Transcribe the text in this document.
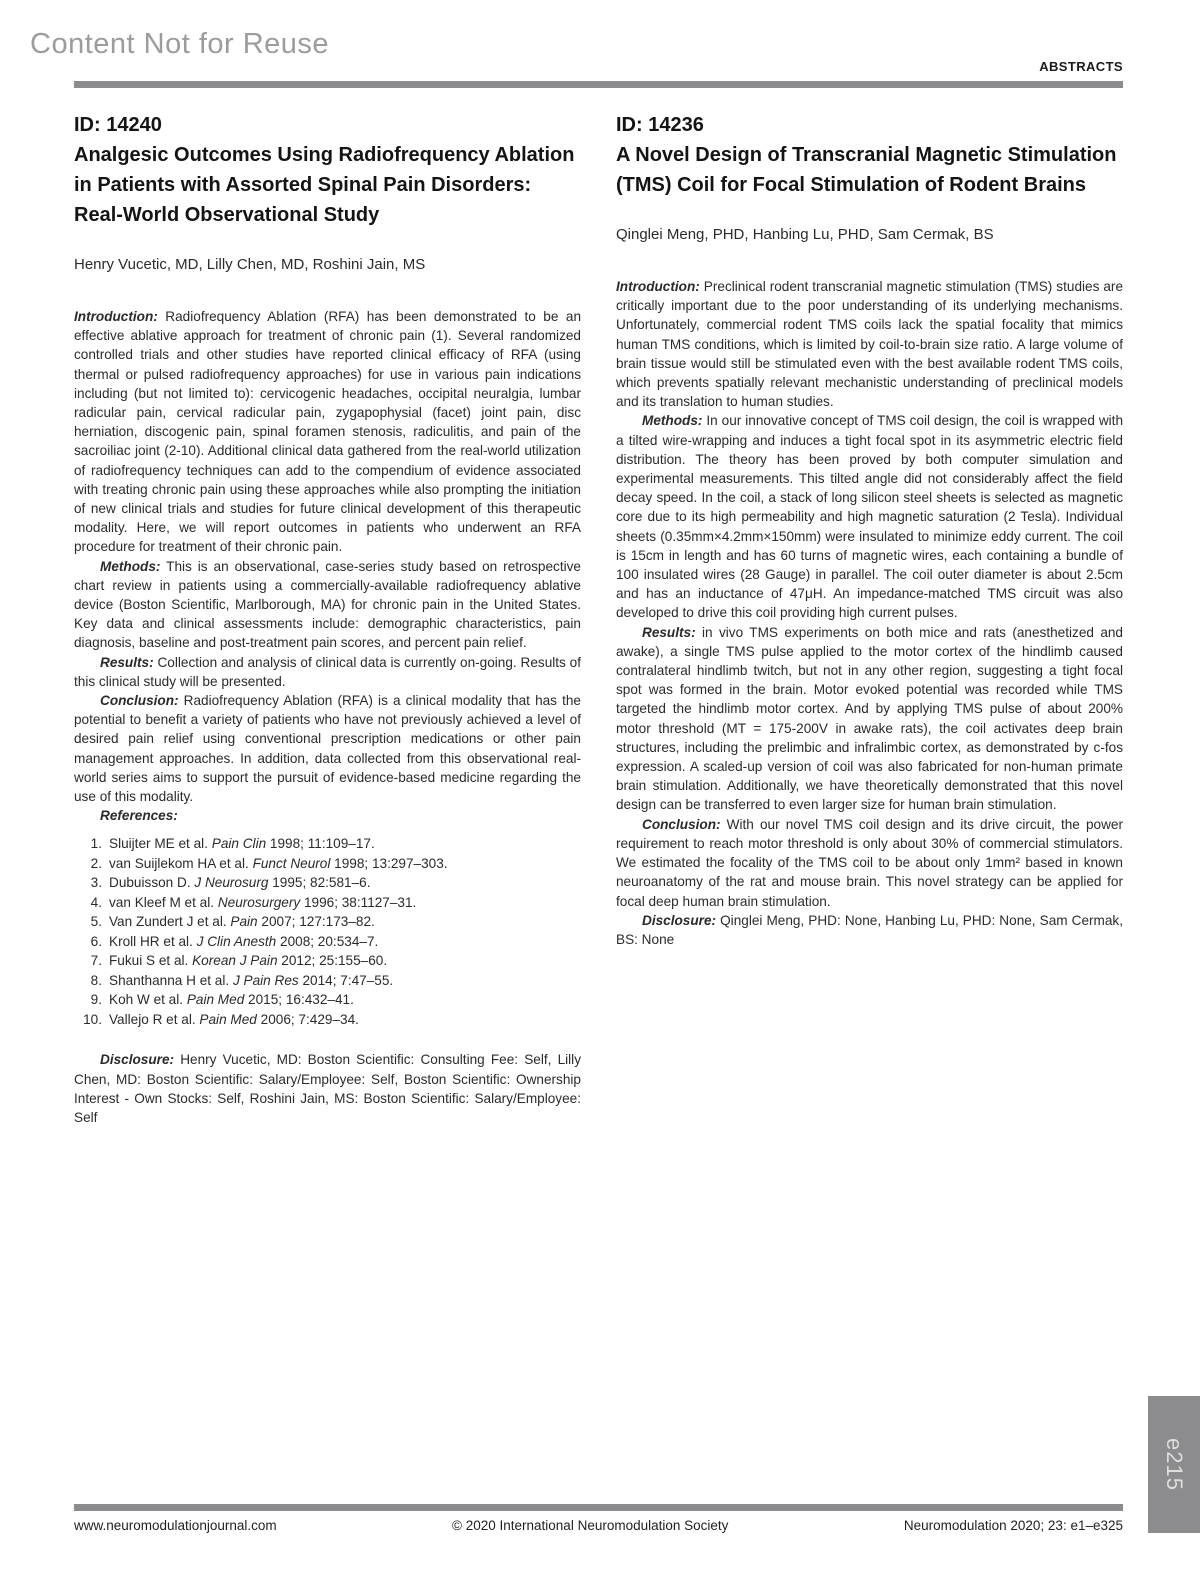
Content Not for Reuse
ABSTRACTS
ID: 14240
Analgesic Outcomes Using Radiofrequency Ablation in Patients with Assorted Spinal Pain Disorders: Real-World Observational Study
Henry Vucetic, MD, Lilly Chen, MD, Roshini Jain, MS

Introduction: Radiofrequency Ablation (RFA) has been demonstrated to be an effective ablative approach for treatment of chronic pain (1). Several randomized controlled trials and other studies have reported clinical efficacy of RFA (using thermal or pulsed radiofrequency approaches) for use in various pain indications including (but not limited to): cervicogenic headaches, occipital neuralgia, lumbar radicular pain, cervical radicular pain, zygapophysial (facet) joint pain, disc herniation, discogenic pain, spinal foramen stenosis, radiculitis, and pain of the sacroiliac joint (2-10). Additional clinical data gathered from the real-world utilization of radiofrequency techniques can add to the compendium of evidence associated with treating chronic pain using these approaches while also prompting the initiation of new clinical trials and studies for future clinical development of this therapeutic modality. Here, we will report outcomes in patients who underwent an RFA procedure for treatment of their chronic pain.

Methods: This is an observational, case-series study based on retrospective chart review in patients using a commercially-available radiofrequency ablative device (Boston Scientific, Marlborough, MA) for chronic pain in the United States. Key data and clinical assessments include: demographic characteristics, pain diagnosis, baseline and post-treatment pain scores, and percent pain relief.

Results: Collection and analysis of clinical data is currently on-going. Results of this clinical study will be presented.

Conclusion: Radiofrequency Ablation (RFA) is a clinical modality that has the potential to benefit a variety of patients who have not previously achieved a level of desired pain relief using conventional prescription medications or other pain management approaches. In addition, data collected from this observational real-world series aims to support the pursuit of evidence-based medicine regarding the use of this modality.

References:

1. Sluijter ME et al. Pain Clin 1998; 11:109–17.
2. van Suijlekom HA et al. Funct Neurol 1998; 13:297–303.
3. Dubuisson D. J Neurosurg 1995; 82:581–6.
4. van Kleef M et al. Neurosurgery 1996; 38:1127–31.
5. Van Zundert J et al. Pain 2007; 127:173–82.
6. Kroll HR et al. J Clin Anesth 2008; 20:534–7.
7. Fukui S et al. Korean J Pain 2012; 25:155–60.
8. Shanthanna H et al. J Pain Res 2014; 7:47–55.
9. Koh W et al. Pain Med 2015; 16:432–41.
10. Vallejo R et al. Pain Med 2006; 7:429–34.

Disclosure: Henry Vucetic, MD: Boston Scientific: Consulting Fee: Self, Lilly Chen, MD: Boston Scientific: Salary/Employee: Self, Boston Scientific: Ownership Interest - Own Stocks: Self, Roshini Jain, MS: Boston Scientific: Salary/Employee: Self

ID: 14236
A Novel Design of Transcranial Magnetic Stimulation (TMS) Coil for Focal Stimulation of Rodent Brains
Qinglei Meng, PHD, Hanbing Lu, PHD, Sam Cermak, BS

Introduction: Preclinical rodent transcranial magnetic stimulation (TMS) studies are critically important due to the poor understanding of its underlying mechanisms. Unfortunately, commercial rodent TMS coils lack the spatial focality that mimics human TMS conditions, which is limited by coil-to-brain size ratio. A large volume of brain tissue would still be stimulated even with the best available rodent TMS coils, which prevents spatially relevant mechanistic understanding of preclinical models and its translation to human studies.

Methods: In our innovative concept of TMS coil design, the coil is wrapped with a tilted wire-wrapping and induces a tight focal spot in its asymmetric electric field distribution. The theory has been proved by both computer simulation and experimental measurements. This tilted angle did not considerably affect the field decay speed. In the coil, a stack of long silicon steel sheets is selected as magnetic core due to its high permeability and high magnetic saturation (2 Tesla). Individual sheets (0.35mm×4.2mm×150mm) were insulated to minimize eddy current. The coil is 15cm in length and has 60 turns of magnetic wires, each containing a bundle of 100 insulated wires (28 Gauge) in parallel. The coil outer diameter is about 2.5cm and has an inductance of 47μH. An impedance-matched TMS circuit was also developed to drive this coil providing high current pulses.

Results: in vivo TMS experiments on both mice and rats (anesthetized and awake), a single TMS pulse applied to the motor cortex of the hindlimb caused contralateral hindlimb twitch, but not in any other region, suggesting a tight focal spot was formed in the brain. Motor evoked potential was recorded while TMS targeted the hindlimb motor cortex. And by applying TMS pulse of about 200% motor threshold (MT = 175-200V in awake rats), the coil activates deep brain structures, including the prelimbic and infralimbic cortex, as demonstrated by c-fos expression. A scaled-up version of coil was also fabricated for non-human primate brain stimulation. Additionally, we have theoretically demonstrated that this novel design can be transferred to even larger size for human brain stimulation.

Conclusion: With our novel TMS coil design and its drive circuit, the power requirement to reach motor threshold is only about 30% of commercial stimulators. We estimated the focality of the TMS coil to be about only 1mm² based in known neuroanatomy of the rat and mouse brain. This novel strategy can be applied for focal deep human brain stimulation.

Disclosure: Qinglei Meng, PHD: None, Hanbing Lu, PHD: None, Sam Cermak, BS: None

www.neuromodulationjournal.com	© 2020 International Neuromodulation Society	Neuromodulation 2020; 23: e1–e325
e215
